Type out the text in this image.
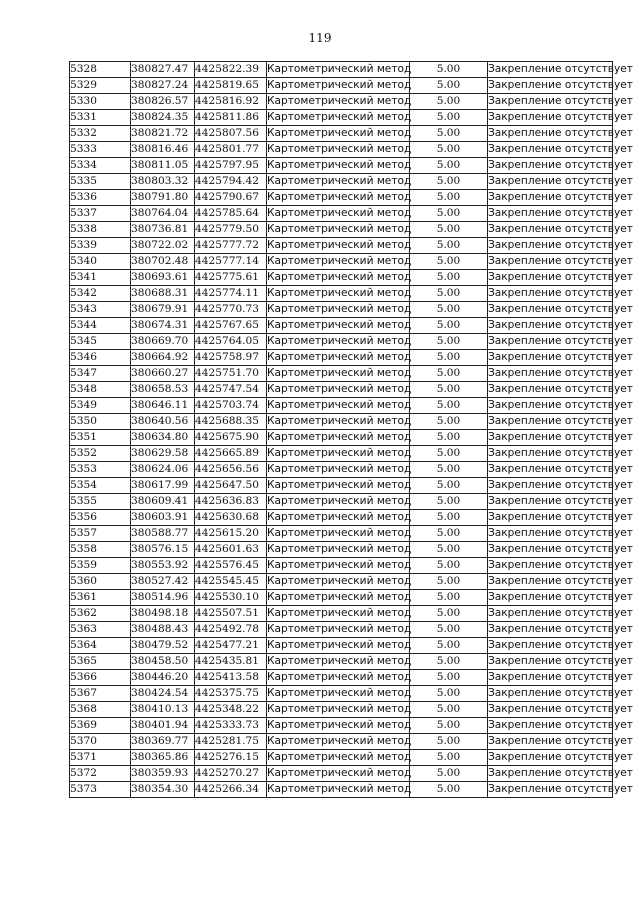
119
5328	380827.47	4425822.39	Картометрический метод	5.00	Закрепление отсутствует
5329	380827.24	4425819.65	Картометрический метод	5.00	Закрепление отсутствует
5330	380826.57	4425816.92	Картометрический метод	5.00	Закрепление отсутствует
5331	380824.35	4425811.86	Картометрический метод	5.00	Закрепление отсутствует
5332	380821.72	4425807.56	Картометрический метод	5.00	Закрепление отсутствует
5333	380816.46	4425801.77	Картометрический метод	5.00	Закрепление отсутствует
5334	380811.05	4425797.95	Картометрический метод	5.00	Закрепление отсутствует
5335	380803.32	4425794.42	Картометрический метод	5.00	Закрепление отсутствует
5336	380791.80	4425790.67	Картометрический метод	5.00	Закрепление отсутствует
5337	380764.04	4425785.64	Картометрический метод	5.00	Закрепление отсутствует
5338	380736.81	4425779.50	Картометрический метод	5.00	Закрепление отсутствует
5339	380722.02	4425777.72	Картометрический метод	5.00	Закрепление отсутствует
5340	380702.48	4425777.14	Картометрический метод	5.00	Закрепление отсутствует
5341	380693.61	4425775.61	Картометрический метод	5.00	Закрепление отсутствует
5342	380688.31	4425774.11	Картометрический метод	5.00	Закрепление отсутствует
5343	380679.91	4425770.73	Картометрический метод	5.00	Закрепление отсутствует
5344	380674.31	4425767.65	Картометрический метод	5.00	Закрепление отсутствует
5345	380669.70	4425764.05	Картометрический метод	5.00	Закрепление отсутствует
5346	380664.92	4425758.97	Картометрический метод	5.00	Закрепление отсутствует
5347	380660.27	4425751.70	Картометрический метод	5.00	Закрепление отсутствует
5348	380658.53	4425747.54	Картометрический метод	5.00	Закрепление отсутствует
5349	380646.11	4425703.74	Картометрический метод	5.00	Закрепление отсутствует
5350	380640.56	4425688.35	Картометрический метод	5.00	Закрепление отсутствует
5351	380634.80	4425675.90	Картометрический метод	5.00	Закрепление отсутствует
5352	380629.58	4425665.89	Картометрический метод	5.00	Закрепление отсутствует
5353	380624.06	4425656.56	Картометрический метод	5.00	Закрепление отсутствует
5354	380617.99	4425647.50	Картометрический метод	5.00	Закрепление отсутствует
5355	380609.41	4425636.83	Картометрический метод	5.00	Закрепление отсутствует
5356	380603.91	4425630.68	Картометрический метод	5.00	Закрепление отсутствует
5357	380588.77	4425615.20	Картометрический метод	5.00	Закрепление отсутствует
5358	380576.15	4425601.63	Картометрический метод	5.00	Закрепление отсутствует
5359	380553.92	4425576.45	Картометрический метод	5.00	Закрепление отсутствует
5360	380527.42	4425545.45	Картометрический метод	5.00	Закрепление отсутствует
5361	380514.96	4425530.10	Картометрический метод	5.00	Закрепление отсутствует
5362	380498.18	4425507.51	Картометрический метод	5.00	Закрепление отсутствует
5363	380488.43	4425492.78	Картометрический метод	5.00	Закрепление отсутствует
5364	380479.52	4425477.21	Картометрический метод	5.00	Закрепление отсутствует
5365	380458.50	4425435.81	Картометрический метод	5.00	Закрепление отсутствует
5366	380446.20	4425413.58	Картометрический метод	5.00	Закрепление отсутствует
5367	380424.54	4425375.75	Картометрический метод	5.00	Закрепление отсутствует
5368	380410.13	4425348.22	Картометрический метод	5.00	Закрепление отсутствует
5369	380401.94	4425333.73	Картометрический метод	5.00	Закрепление отсутствует
5370	380369.77	4425281.75	Картометрический метод	5.00	Закрепление отсутствует
5371	380365.86	4425276.15	Картометрический метод	5.00	Закрепление отсутствует
5372	380359.93	4425270.27	Картометрический метод	5.00	Закрепление отсутствует
5373	380354.30	4425266.34	Картометрический метод	5.00	Закрепление отсутствует
